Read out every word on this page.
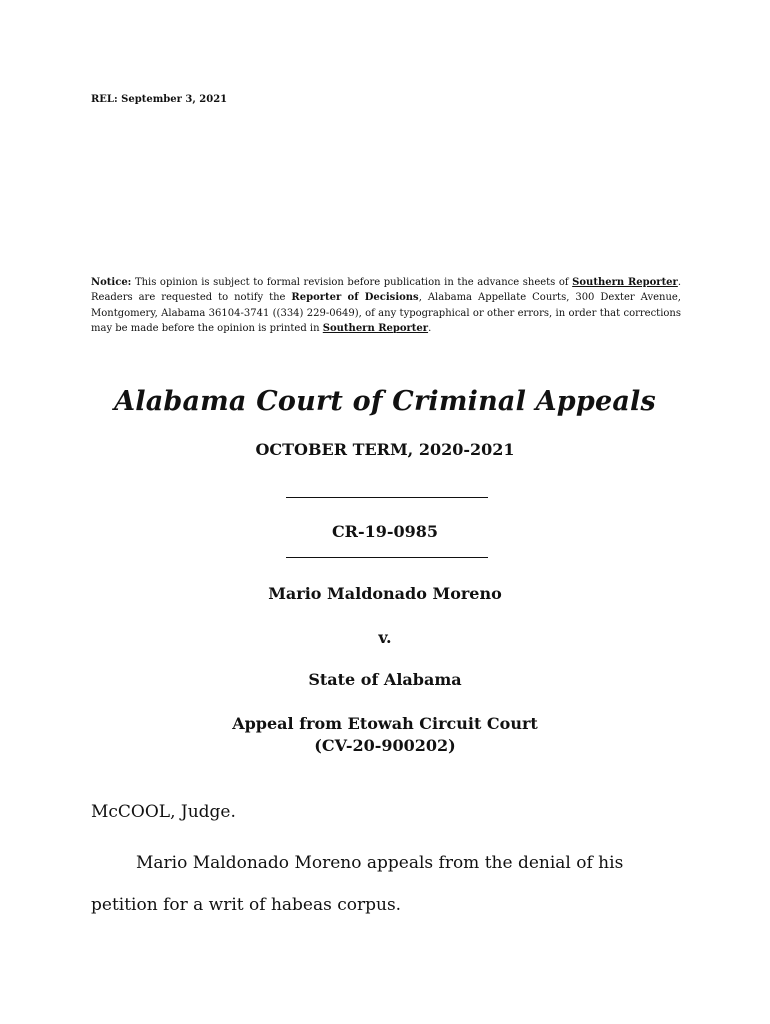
REL: September 3, 2021
Notice: This opinion is subject to formal revision before publication in the advance sheets of Southern Reporter. Readers are requested to notify the Reporter of Decisions, Alabama Appellate Courts, 300 Dexter Avenue, Montgomery, Alabama 36104-3741 ((334) 229-0649), of any typographical or other errors, in order that corrections may be made before the opinion is printed in Southern Reporter.
Alabama Court of Criminal Appeals
OCTOBER TERM, 2020-2021
CR-19-0985
Mario Maldonado Moreno
v.
State of Alabama
Appeal from Etowah Circuit Court
(CV-20-900202)
McCOOL, Judge.
Mario Maldonado Moreno appeals from the denial of his petition for a writ of habeas corpus.
